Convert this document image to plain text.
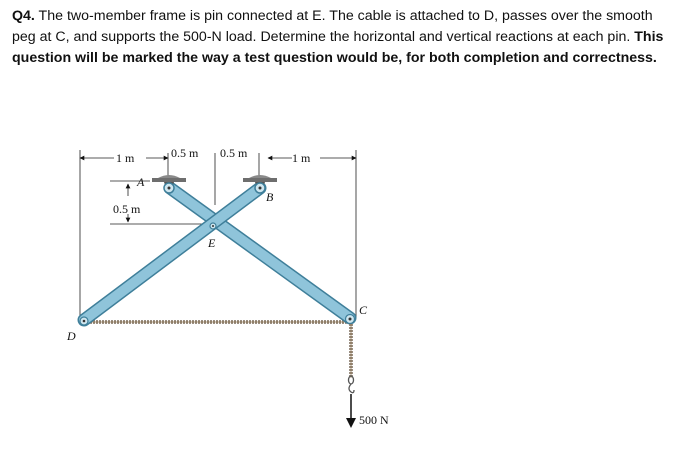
Q4. The two-member frame is pin connected at E. The cable is attached to D, passes over the smooth peg at C, and supports the 500-N load. Determine the horizontal and vertical reactions at each pin. This question will be marked the way a test question would be, for both completion and correctness.
1 m	0.5 m 0.5 m	1 m
0.5 m
A
B
E
C
D
500 N
